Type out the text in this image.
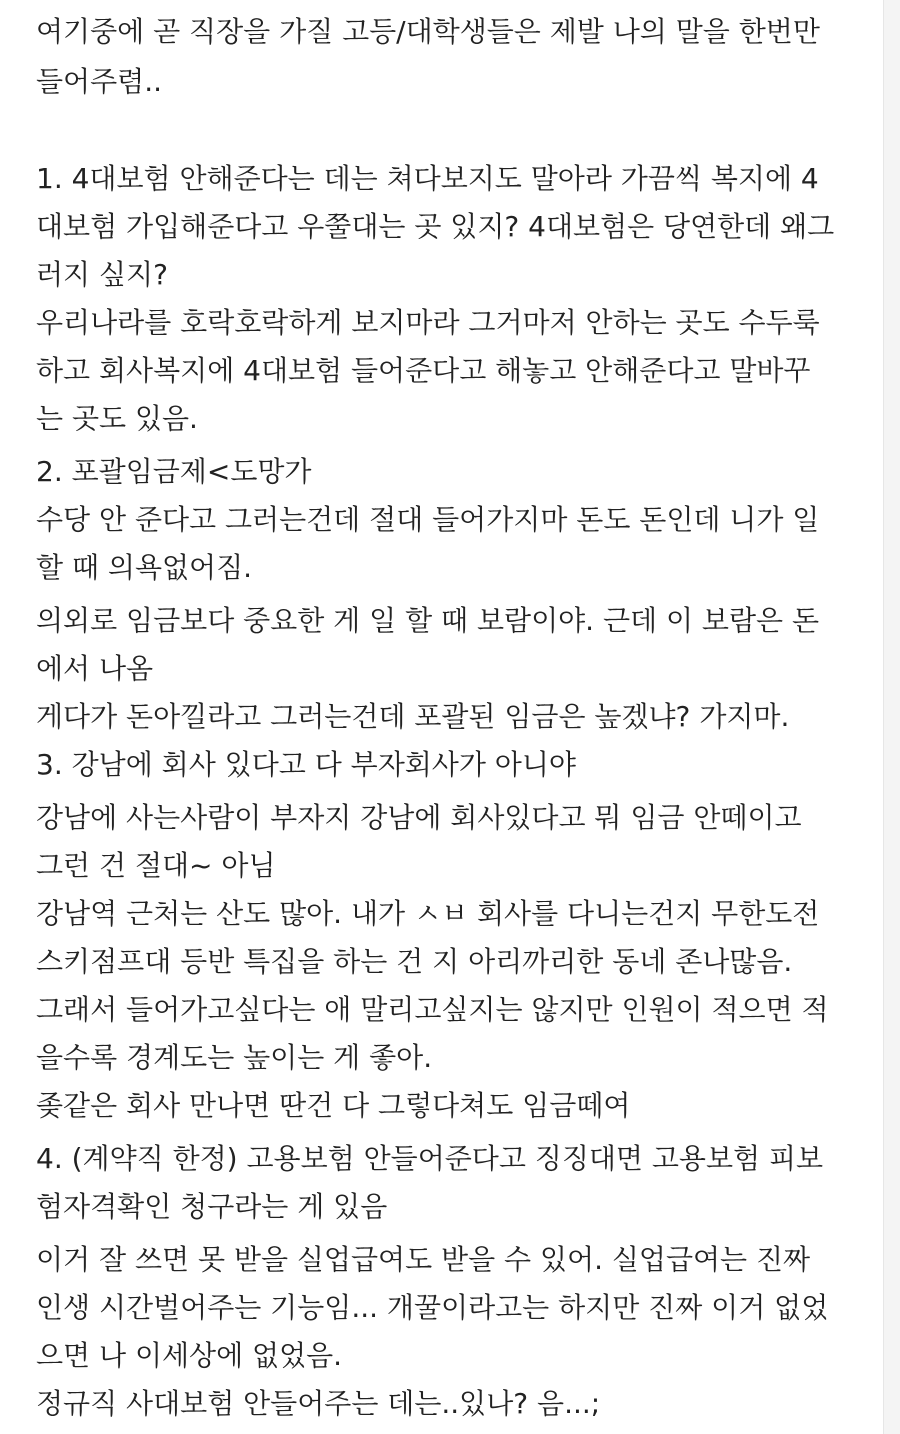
여기중에 곧 직장을 가질 고등/대학생들은 제발 나의 말을 한번만
들어주렴..
1. 4대보험 안해준다는 데는 쳐다보지도 말아라 가끔씩 복지에 4
대보험 가입해준다고 우쭐대는 곳 있지? 4대보험은 당연한데 왜그
러지 싶지?
우리나라를 호락호락하게 보지마라 그거마저 안하는 곳도 수두룩
하고 회사복지에 4대보험 들어준다고 해놓고 안해준다고 말바꾸
는 곳도 있음.
2. 포괄임금제<도망가
수당 안 준다고 그러는건데 절대 들어가지마 돈도 돈인데 니가 일
할 때 의욕없어짐.
의외로 임금보다 중요한 게 일 할 때 보람이야. 근데 이 보람은 돈
에서 나옴
게다가 돈아낄라고 그러는건데 포괄된 임금은 높겠냐? 가지마.
3. 강남에 회사 있다고 다 부자회사가 아니야
강남에 사는사람이 부자지 강남에 회사있다고 뭐 임금 안떼이고
그런 건 절대~ 아님
강남역 근처는 산도 많아. 내가 ㅅㅂ 회사를 다니는건지 무한도전
스키점프대 등반 특집을 하는 건 지 아리까리한 동네 존나많음.
그래서 들어가고싶다는 애 말리고싶지는 않지만 인원이 적으면 적
을수록 경계도는 높이는 게 좋아.
좆같은 회사 만나면 딴건 다 그렇다쳐도 임금떼여
4. (계약직 한정) 고용보험 안들어준다고 징징대면 고용보험 피보
험자격확인 청구라는 게 있음
이거 잘 쓰면 못 받을 실업급여도 받을 수 있어. 실업급여는 진짜
인생 시간벌어주는 기능임... 개꿀이라고는 하지만 진짜 이거 없었
으면 나 이세상에 없었음.
정규직 사대보험 안들어주는 데는..있나? 음...;
